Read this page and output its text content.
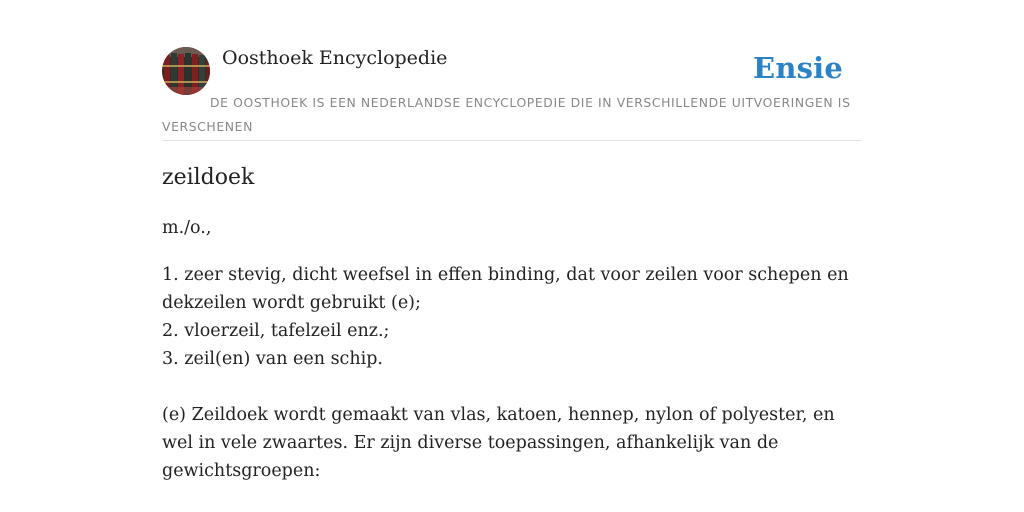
Oosthoek Encyclopedie	Ensie
DE OOSTHOEK IS EEN NEDERLANDSE ENCYCLOPEDIE DIE IN VERSCHILLENDE UITVOERINGEN IS VERSCHENEN
zeildoek
m./o.,
1. zeer stevig, dicht weefsel in effen binding, dat voor zeilen voor schepen en dekzeilen wordt gebruikt (e);
2. vloerzeil, tafelzeil enz.;
3. zeil(en) van een schip.
(e) Zeildoek wordt gemaakt van vlas, katoen, hennep, nylon of polyester, en wel in vele zwaartes. Er zijn diverse toepassingen, afhankelijk van de gewichtsgroepen:
